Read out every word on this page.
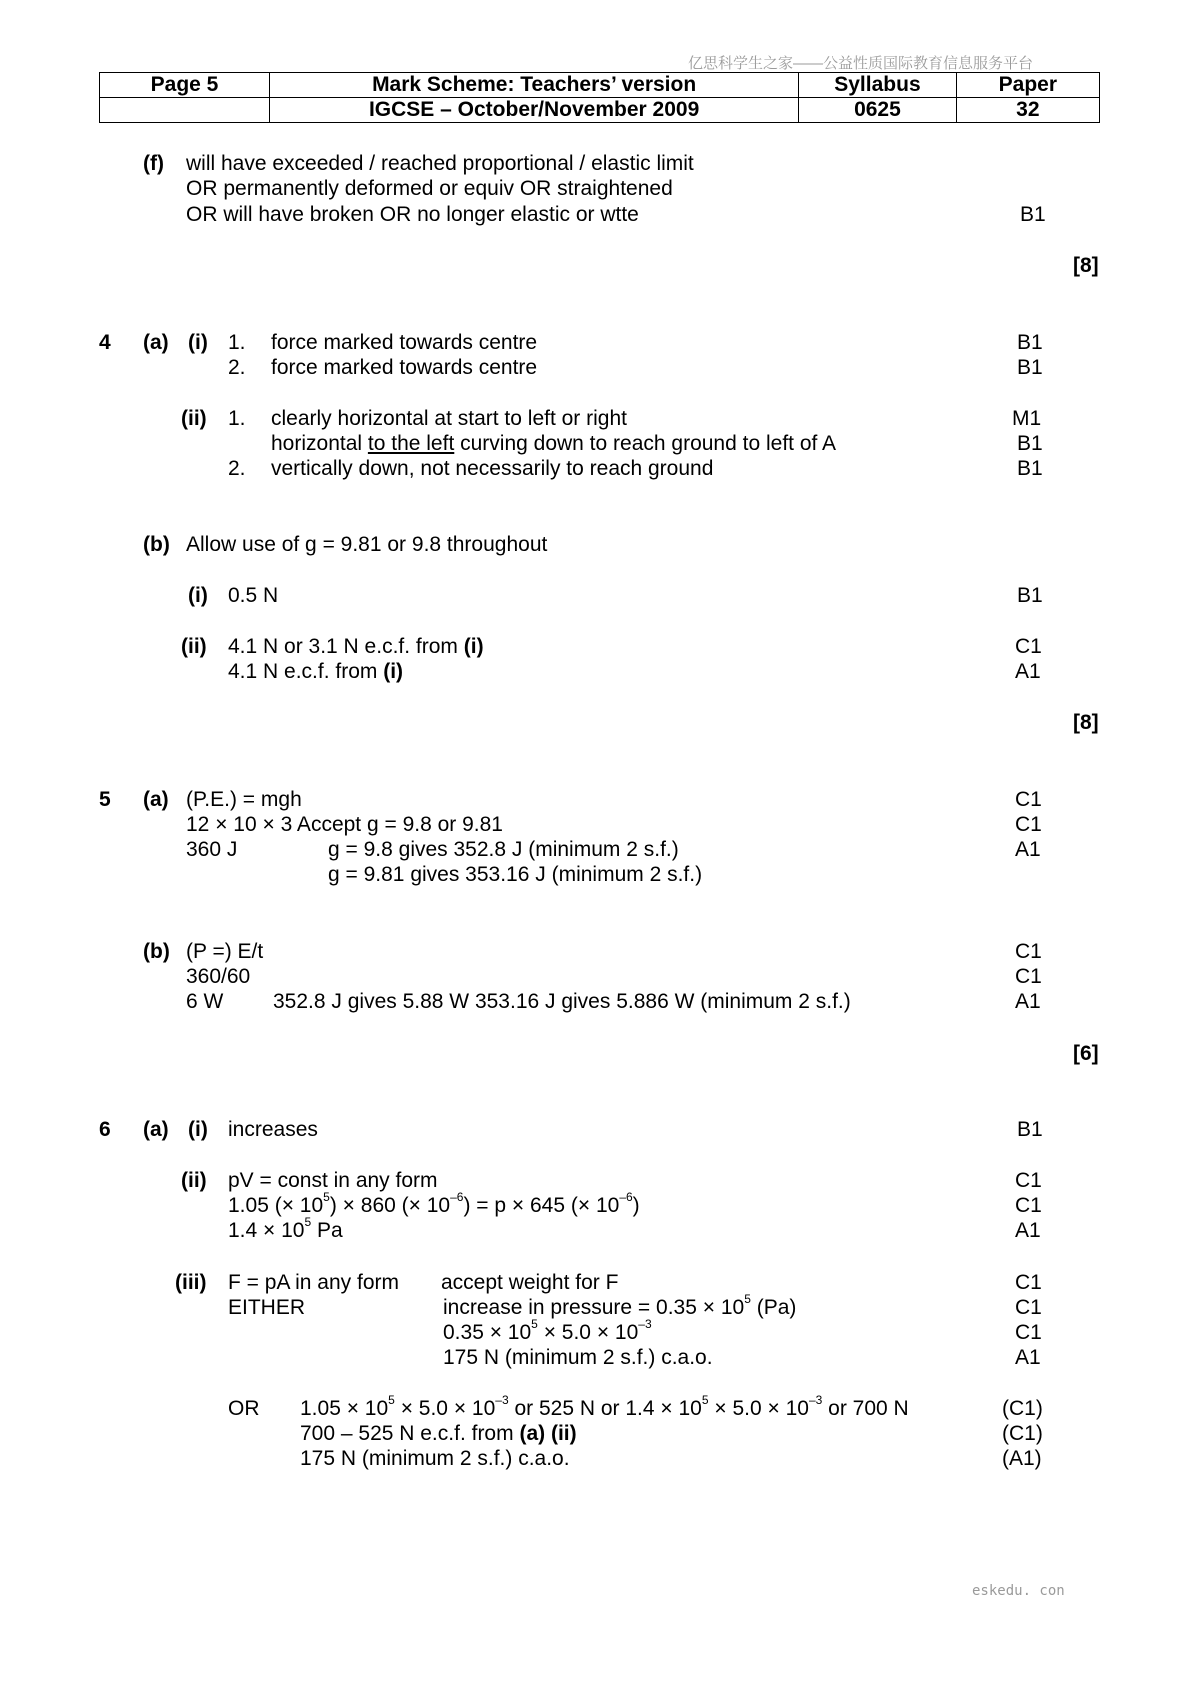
亿思科学生之家——公益性质国际教育信息服务平台
Page 5	Mark Scheme: Teachers’ version	Syllabus	Paper
	IGCSE – October/November 2009	0625	32
(f) will have exceeded / reached proportional / elastic limit
OR permanently deformed or equiv OR straightened
OR will have broken OR no longer elastic or wtte	B1
[8]
4 (a) (i) 1. force marked towards centre	B1
2. force marked towards centre	B1
(ii) 1. clearly horizontal at start to left or right	M1
horizontal to the left curving down to reach ground to left of A	B1
2. vertically down, not necessarily to reach ground	B1
(b) Allow use of g = 9.81 or 9.8 throughout
(i) 0.5 N	B1
(ii) 4.1 N or 3.1 N e.c.f. from (i)	C1
4.1 N e.c.f. from (i)	A1
[8]
5 (a) (P.E.) = mgh	C1
12 × 10 × 3 Accept g = 9.8 or 9.81	C1
360 J	g = 9.8 gives 352.8 J (minimum 2 s.f.)	A1
g = 9.81 gives 353.16 J (minimum 2 s.f.)
(b) (P =) E/t	C1
360/60	C1
6 W 352.8 J gives 5.88 W 353.16 J gives 5.886 W (minimum 2 s.f.)	A1
[6]
6 (a) (i) increases	B1
(ii) pV = const in any form	C1
1.05 (× $10^5) \times 860$ (× $10^{-6}) = p \times 645$ (× $10^{-6}$)	C1
$1.4 \times 10^5$ Pa	A1
(iii) F = pA in any form accept weight for F	C1
EITHER	increase in pressure = $0.35 \times 10^5$ (Pa)	C1
$0.35 \times 10^5 \times 5.0 \times 10^{-3}$	C1
175 N (minimum 2 s.f.) c.a.o.	A1
OR $1.05 \times 10^5 \times 5.0 \times 10^{-3}$ or 525 N or $1.4 \times 10^5 \times 5.0 \times 10^{-3}$ or 700 N	(C1)
700 – 525 N e.c.f. from (a) (ii)	(C1)
175 N (minimum 2 s.f.) c.a.o.	(A1)
eskedu. con
